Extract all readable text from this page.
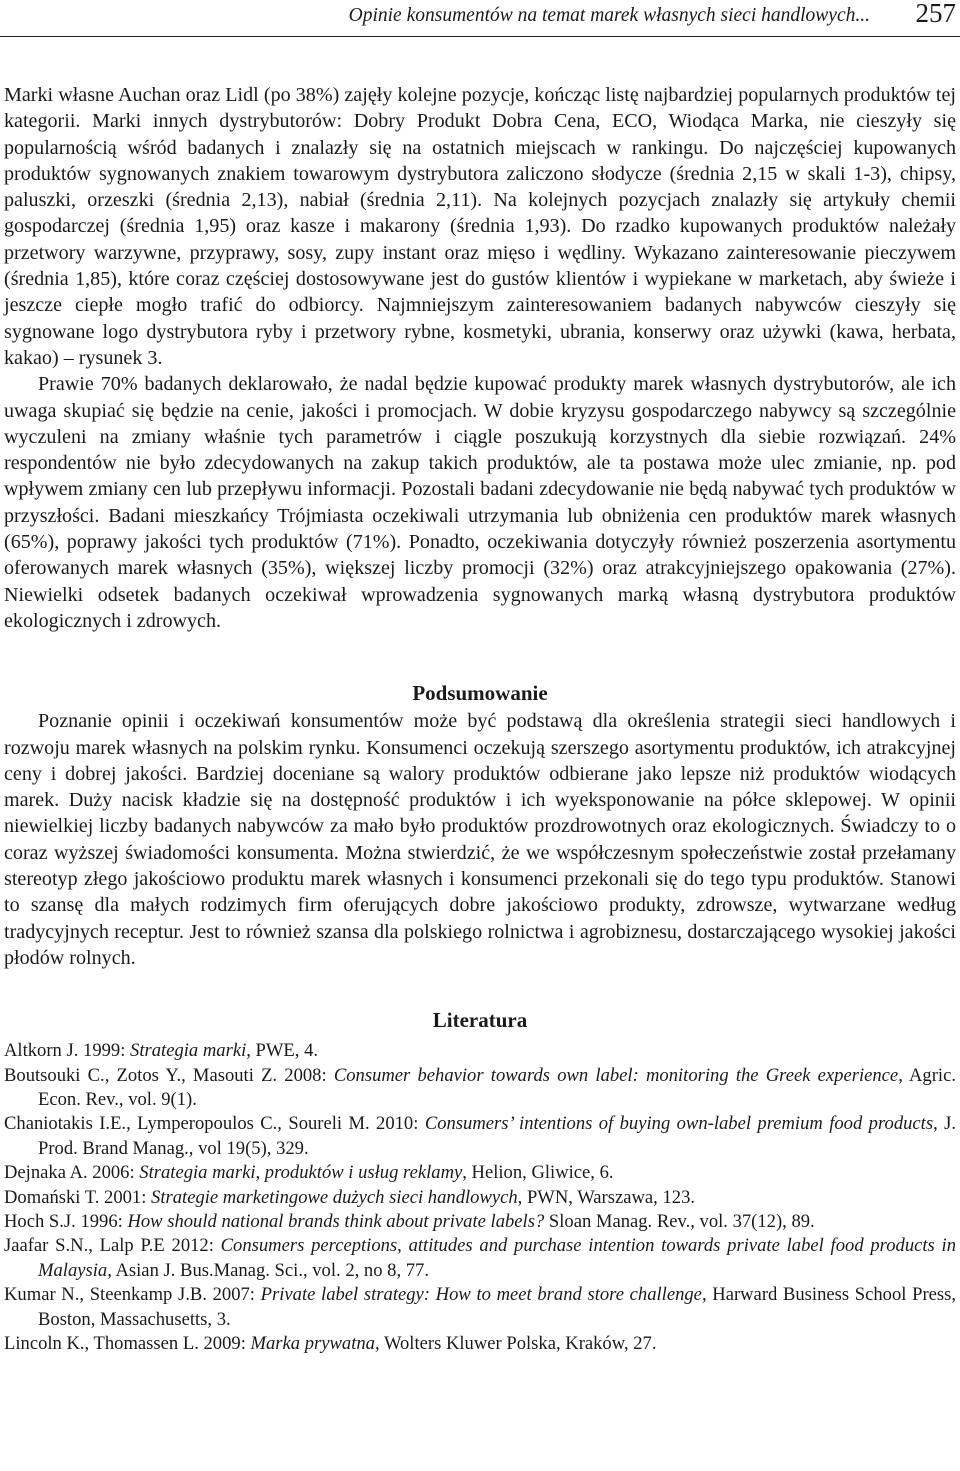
Opinie konsumentów na temat marek własnych sieci handlowych... 257

Marki własne Auchan oraz Lidl (po 38%) zajęły kolejne pozycje, kończąc listę najbardziej popularnych produktów tej kategorii. Marki innych dystrybutorów: Dobry Produkt Dobra Cena, ECO, Wiodąca Marka, nie cieszyły się popularnością wśród badanych i znalazły się na ostatnich miejscach w rankingu. Do najczęściej kupowanych produktów sygnowanych znakiem towarowym dystrybutora zaliczono słodycze (średnia 2,15 w skali 1-3), chipsy, paluszki, orzeszki (średnia 2,13), nabiał (średnia 2,11). Na kolejnych pozycjach znalazły się artykuły chemii gospodarczej (średnia 1,95) oraz kasze i makarony (średnia 1,93). Do rzadko kupowanych produktów należały przetwory warzywne, przyprawy, sosy, zupy instant oraz mięso i wędliny. Wykazano zainteresowanie pieczywem (średnia 1,85), które coraz częściej dostosowywane jest do gustów klientów i wypiekane w marketach, aby świeże i jeszcze ciepłe mogło trafić do odbiorcy. Najmniejszym zainteresowaniem badanych nabywców cieszyły się sygnowane logo dystrybutora ryby i przetwory rybne, kosmetyki, ubrania, konserwy oraz używki (kawa, herbata, kakao) – rysunek 3.

Prawie 70% badanych deklarowało, że nadal będzie kupować produkty marek własnych dystrybutorów, ale ich uwaga skupiać się będzie na cenie, jakości i promocjach. W dobie kryzysu gospodarczego nabywcy są szczególnie wyczuleni na zmiany właśnie tych parametrów i ciągle poszukują korzystnych dla siebie rozwiązań. 24% respondentów nie było zdecydowanych na zakup takich produktów, ale ta postawa może ulec zmianie, np. pod wpływem zmiany cen lub przepływu informacji. Pozostali badani zdecydowanie nie będą nabywać tych produktów w przyszłości. Badani mieszkańcy Trójmiasta oczekiwali utrzymania lub obniżenia cen produktów marek własnych (65%), poprawy jakości tych produktów (71%). Ponadto, oczekiwania dotyczyły również poszerzenia asortymentu oferowanych marek własnych (35%), większej liczby promocji (32%) oraz atrakcyjniejszego opakowania (27%). Niewielki odsetek badanych oczekiwał wprowadzenia sygnowanych marką własną dystrybutora produktów ekologicznych i zdrowych.

Podsumowanie

Poznanie opinii i oczekiwań konsumentów może być podstawą dla określenia strategii sieci handlowych i rozwoju marek własnych na polskim rynku. Konsumenci oczekują szerszego asortymentu produktów, ich atrakcyjnej ceny i dobrej jakości. Bardziej doceniane są walory produktów odbierane jako lepsze niż produktów wiodących marek. Duży nacisk kładzie się na dostępność produktów i ich wyeksponowanie na półce sklepowej. W opinii niewielkiej liczby badanych nabywców za mało było produktów prozdrowotnych oraz ekologicznych. Świadczy to o coraz wyższej świadomości konsumenta. Można stwierdzić, że we współczesnym społeczeństwie został przełamany stereotyp złego jakościowo produktu marek własnych i konsumenci przekonali się do tego typu produktów. Stanowi to szansę dla małych rodzimych firm oferujących dobre jakościowo produkty, zdrowsze, wytwarzane według tradycyjnych receptur. Jest to również szansa dla polskiego rolnictwa i agrobiznesu, dostarczającego wysokiej jakości płodów rolnych.

Literatura
Altkorn J. 1999: Strategia marki, PWE, 4.
Boutsouki C., Zotos Y., Masouti Z. 2008: Consumer behavior towards own label: monitoring the Greek experience, Agric. Econ. Rev., vol. 9(1).
Chaniotakis I.E., Lymperopoulos C., Soureli M. 2010: Consumers’ intentions of buying own-label premium food products, J. Prod. Brand Manag., vol 19(5), 329.
Dejnaka A. 2006: Strategia marki, produktów i usług reklamy, Helion, Gliwice, 6.
Domański T. 2001: Strategie marketingowe dużych sieci handlowych, PWN, Warszawa, 123.
Hoch S.J. 1996: How should national brands think about private labels? Sloan Manag. Rev., vol. 37(12), 89.
Jaafar S.N., Lalp P.E 2012: Consumers perceptions, attitudes and purchase intention towards private label food products in Malaysia, Asian J. Bus.Manag. Sci., vol. 2, no 8, 77.
Kumar N., Steenkamp J.B. 2007: Private label strategy: How to meet brand store challenge, Harward Business School Press, Boston, Massachusetts, 3.
Lincoln K., Thomassen L. 2009: Marka prywatna, Wolters Kluwer Polska, Kraków, 27.
